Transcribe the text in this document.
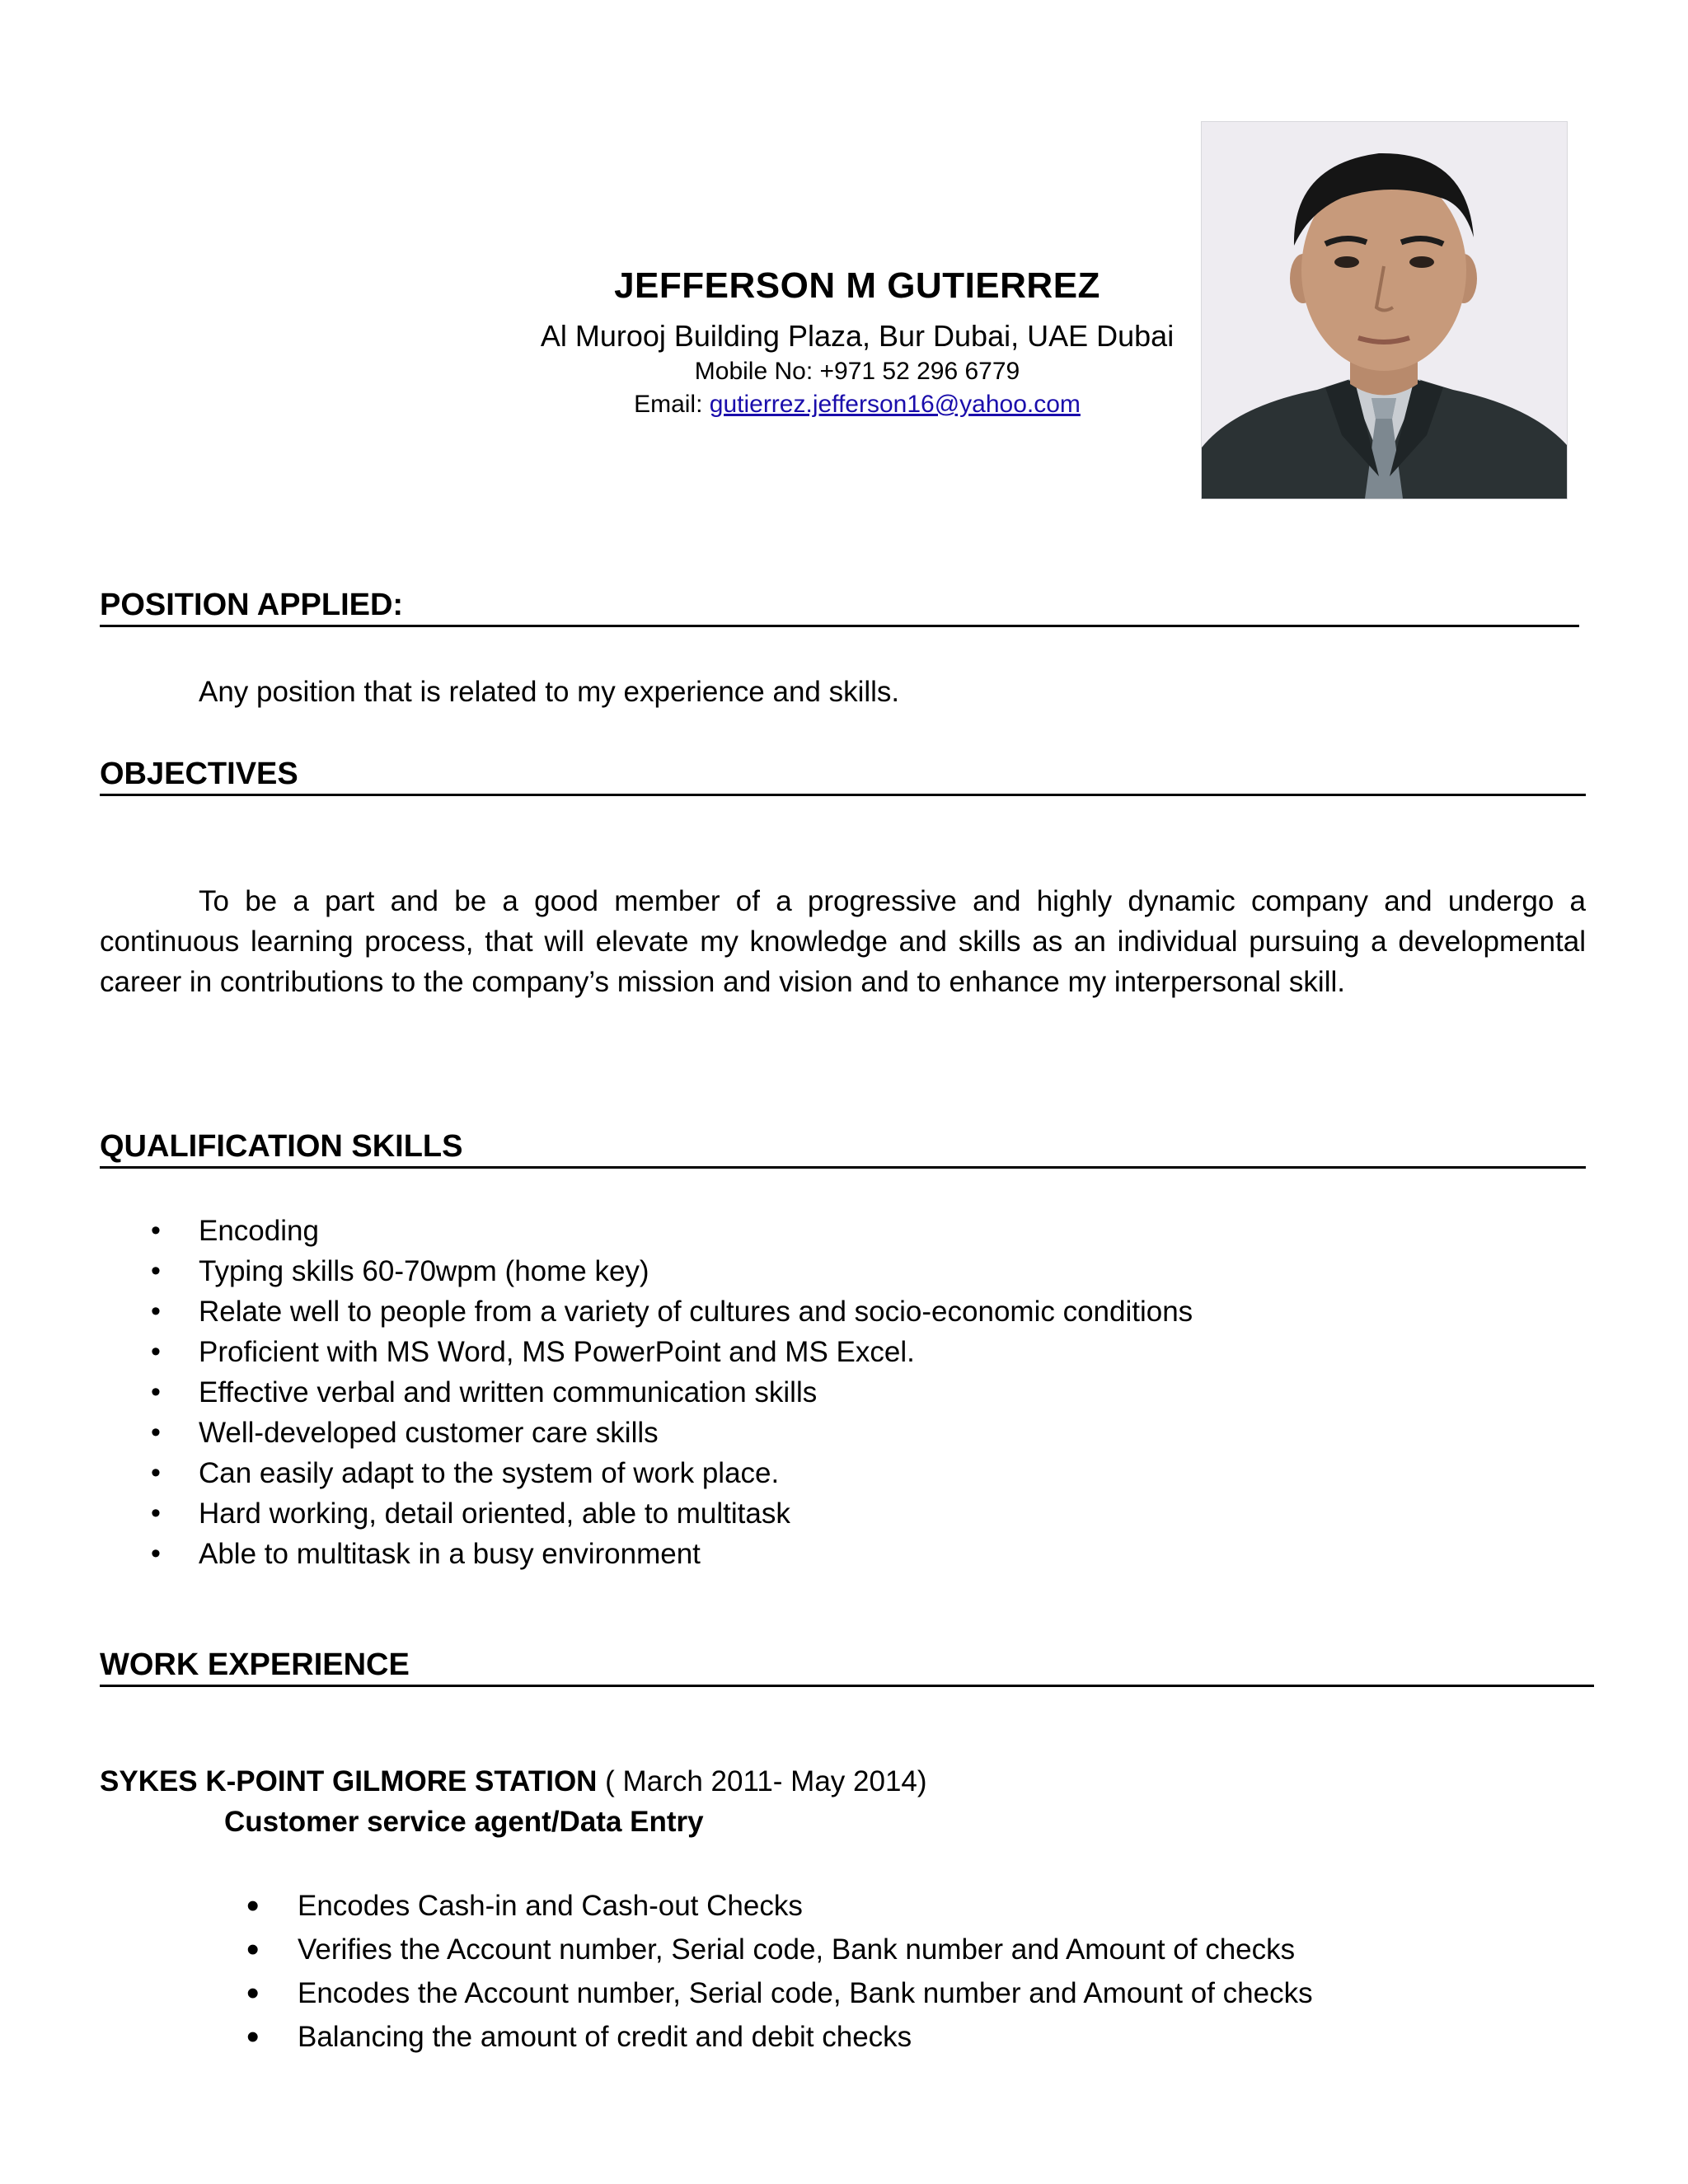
JEFFERSON M GUTIERREZ
Al Murooj Building Plaza, Bur Dubai, UAE Dubai
Mobile No: +971 52 296 6779
Email: gutierrez.jefferson16@yahoo.com
POSITION APPLIED:
Any position that is related to my experience and skills.
OBJECTIVES
To be a part and be a good member of a progressive and highly dynamic company and undergo a continuous learning process, that will elevate my knowledge and skills as an individual pursuing a developmental career in contributions to the company’s mission and vision and to enhance my interpersonal skill.
QUALIFICATION SKILLS
• Encoding
• Typing skills 60-70wpm (home key)
• Relate well to people from a variety of cultures and socio-economic conditions
• Proficient with MS Word, MS PowerPoint and MS Excel.
• Effective verbal and written communication skills
• Well-developed customer care skills
• Can easily adapt to the system of work place.
• Hard working, detail oriented, able to multitask
• Able to multitask in a busy environment
WORK EXPERIENCE
SYKES K-POINT GILMORE STATION ( March 2011- May 2014)
Customer service agent/Data Entry
• Encodes Cash-in and Cash-out Checks
• Verifies the Account number, Serial code, Bank number and Amount of checks
• Encodes the Account number, Serial code, Bank number and Amount of checks
• Balancing the amount of credit and debit checks
